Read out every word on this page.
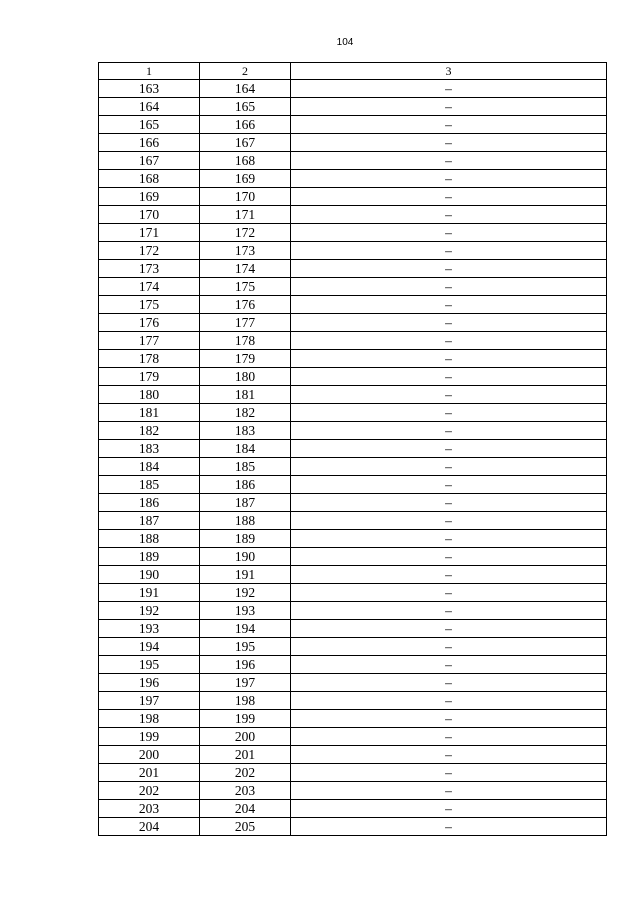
104
1	2	3
163	164	–
164	165	–
165	166	–
166	167	–
167	168	–
168	169	–
169	170	–
170	171	–
171	172	–
172	173	–
173	174	–
174	175	–
175	176	–
176	177	–
177	178	–
178	179	–
179	180	–
180	181	–
181	182	–
182	183	–
183	184	–
184	185	–
185	186	–
186	187	–
187	188	–
188	189	–
189	190	–
190	191	–
191	192	–
192	193	–
193	194	–
194	195	–
195	196	–
196	197	–
197	198	–
198	199	–
199	200	–
200	201	–
201	202	–
202	203	–
203	204	–
204	205	–
